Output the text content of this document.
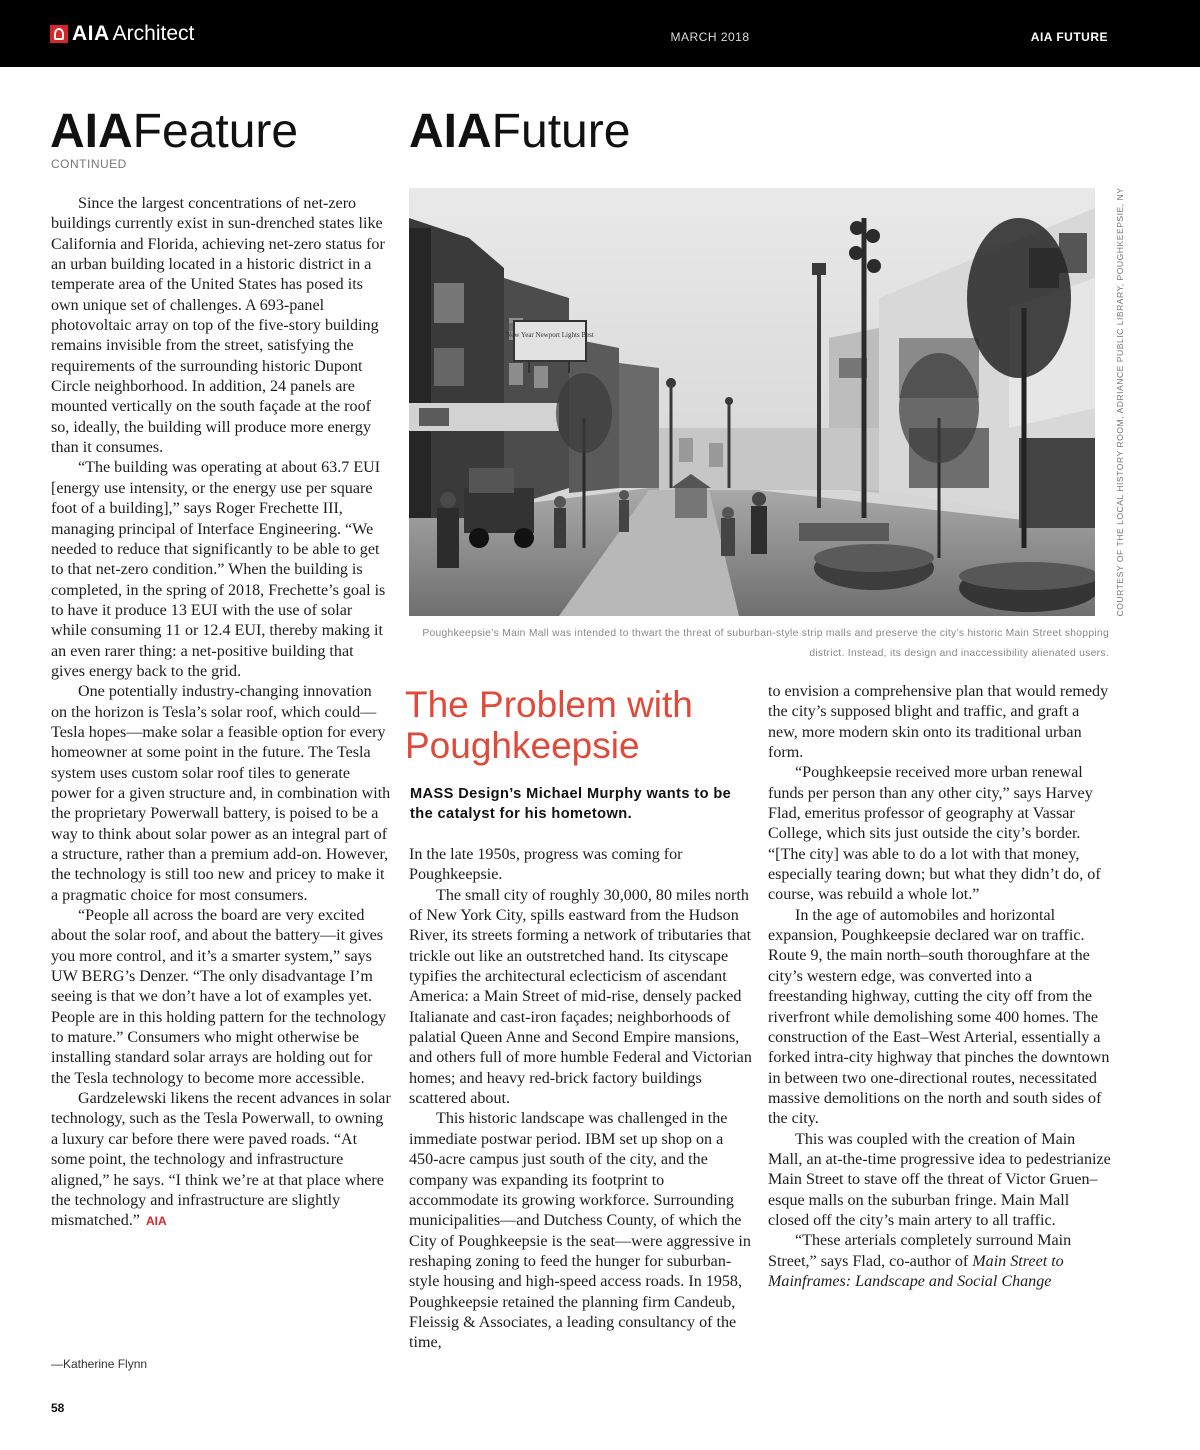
AIA Architect	MARCH 2018	AIA FUTURE
AIAFeature
CONTINUED
AIAFuture

Since the largest concentrations of net-zero buildings currently exist in sun-drenched states like California and Florida, achieving net-zero status for an urban building located in a historic district in a temperate area of the United States has posed its own unique set of challenges. A 693-panel photovoltaic array on top of the five-story building remains invisible from the street, satisfying the requirements of the surrounding historic Dupont Circle neighborhood. In addition, 24 panels are mounted vertically on the south façade at the roof so, ideally, the building will produce more energy than it consumes.

“The building was operating at about 63.7 EUI [energy use intensity, or the energy use per square foot of a building],” says Roger Frechette III, managing principal of Interface Engineering. “We needed to reduce that significantly to be able to get to that net-zero condition.” When the building is completed, in the spring of 2018, Frechette’s goal is to have it produce 13 EUI with the use of solar while consuming 11 or 12.4 EUI, thereby making it an even rarer thing: a net-positive building that gives energy back to the grid.

One potentially industry-changing innovation on the horizon is Tesla’s solar roof, which could—Tesla hopes—make solar a feasible option for every homeowner at some point in the future. The Tesla system uses custom solar roof tiles to generate power for a given structure and, in combination with the proprietary Powerwall battery, is poised to be a way to think about solar power as an integral part of a structure, rather than a premium add-on. However, the technology is still too new and pricey to make it a pragmatic choice for most consumers.

“People all across the board are very excited about the solar roof, and about the battery—it gives you more control, and it’s a smarter system,” says UW BERG’s Denzer. “The only disadvantage I’m seeing is that we don’t have a lot of examples yet. People are in this holding pattern for the technology to mature.” Consumers who might otherwise be installing standard solar arrays are holding out for the Tesla technology to become more accessible.

Gardzelewski likens the recent advances in solar technology, such as the Tesla Powerwall, to owning a luxury car before there were paved roads. “At some point, the technology and infrastructure aligned,” he says. “I think we’re at that place where the technology and infrastructure are slightly mismatched.” AIA

—Katherine Flynn
New Year Newport Lights Best	COURTESY OF THE LOCAL HISTORY ROOM, ADRIANCE PUBLIC LIBRARY, POUGHKEEPSIE, NY
Poughkeepsie’s Main Mall was intended to thwart the threat of suburban-style strip malls and preserve the city’s historic Main Street shopping district. Instead, its design and inaccessibility alienated users.
The Problem with Poughkeepsie
MASS Design’s Michael Murphy wants to be the catalyst for his hometown.

In the late 1950s, progress was coming for Poughkeepsie.

The small city of roughly 30,000, 80 miles north of New York City, spills eastward from the Hudson River, its streets forming a network of tributaries that trickle out like an outstretched hand. Its cityscape typifies the architectural eclecticism of ascendant America: a Main Street of mid-rise, densely packed Italianate and cast-iron façades; neighborhoods of palatial Queen Anne and Second Empire mansions, and others full of more humble Federal and Victorian homes; and heavy red-brick factory buildings scattered about.

This historic landscape was challenged in the immediate postwar period. IBM set up shop on a 450-acre campus just south of the city, and the company was expanding its footprint to accommodate its growing workforce. Surrounding municipalities—and Dutchess County, of which the City of Poughkeepsie is the seat—were aggressive in reshaping zoning to feed the hunger for suburban-style housing and high-speed access roads. In 1958, Poughkeepsie retained the planning firm Candeub, Fleissig & Associates, a leading consultancy of the time,

to envision a comprehensive plan that would remedy the city’s supposed blight and traffic, and graft a new, more modern skin onto its traditional urban form.

“Poughkeepsie received more urban renewal funds per person than any other city,” says Harvey Flad, emeritus professor of geography at Vassar College, which sits just outside the city’s border. “[The city] was able to do a lot with that money, especially tearing down; but what they didn’t do, of course, was rebuild a whole lot.”

In the age of automobiles and horizontal expansion, Poughkeepsie declared war on traffic. Route 9, the main north–south thoroughfare at the city’s western edge, was converted into a freestanding highway, cutting the city off from the riverfront while demolishing some 400 homes. The construction of the East–West Arterial, essentially a forked intra-city highway that pinches the downtown in between two one-directional routes, necessitated massive demolitions on the north and south sides of the city.

This was coupled with the creation of Main Mall, an at-the-time progressive idea to pedestrianize Main Street to stave off the threat of Victor Gruen–esque malls on the suburban fringe. Main Mall closed off the city’s main artery to all traffic.

“These arterials completely surround Main Street,” says Flad, co-author of Main Street to Mainframes: Landscape and Social Change

58
